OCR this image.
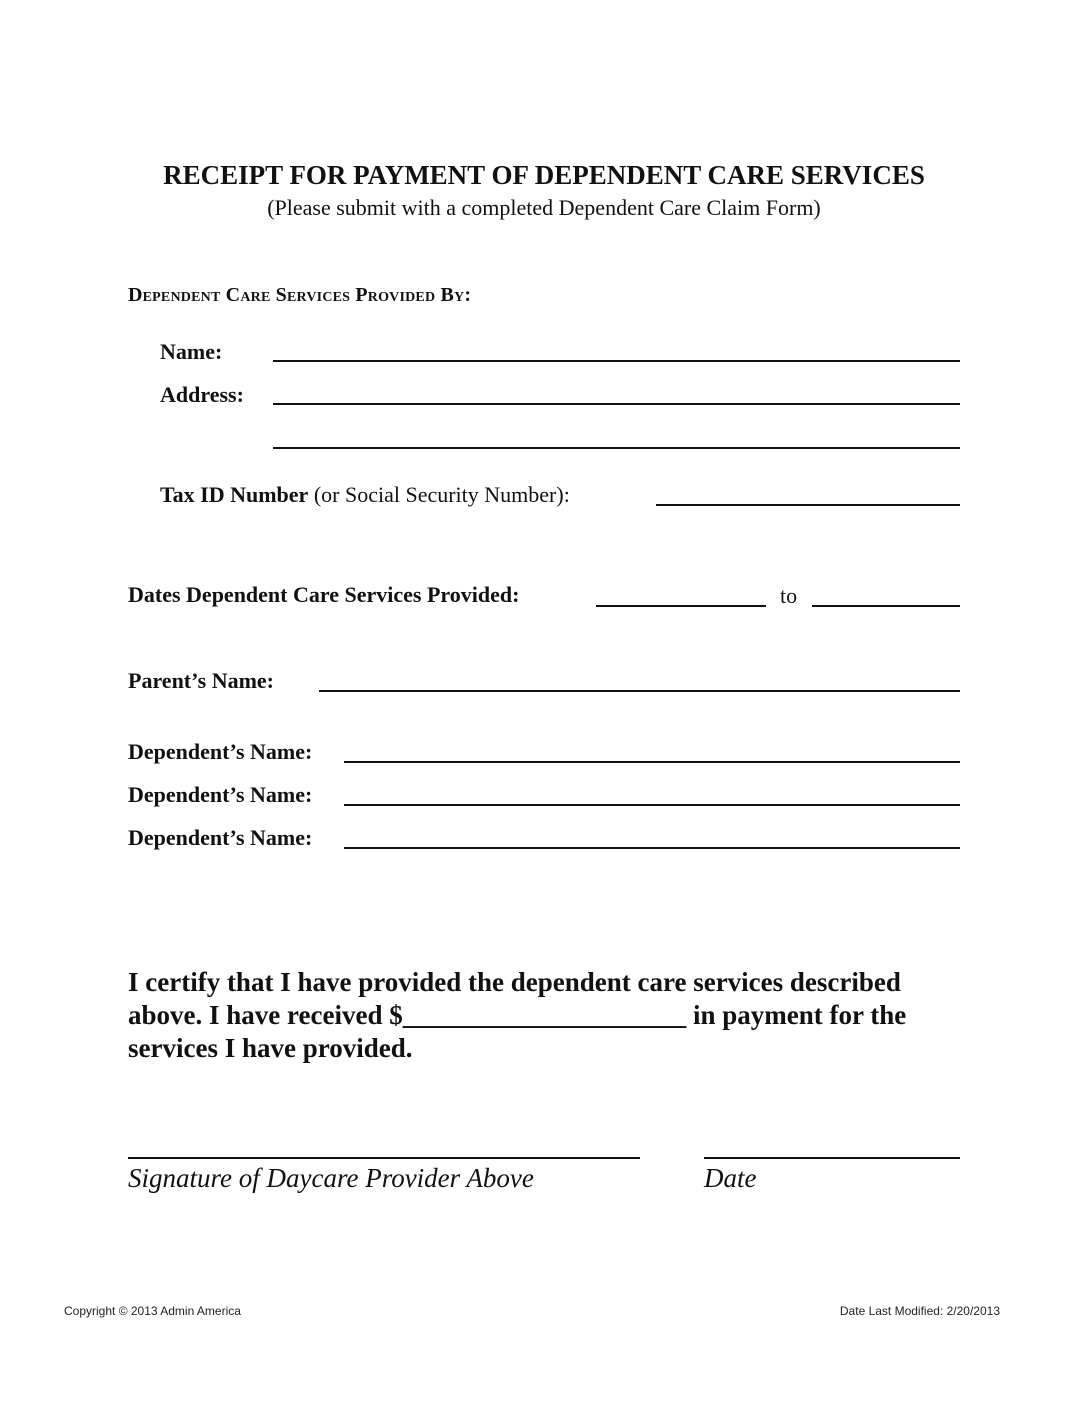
RECEIPT FOR PAYMENT OF DEPENDENT CARE SERVICES
(Please submit with a completed Dependent Care Claim Form)
Dependent Care Services Provided By:
Name:
Address:
Tax ID Number (or Social Security Number):
Dates Dependent Care Services Provided:	to
Parent’s Name:
Dependent’s Name:
Dependent’s Name:
Dependent’s Name:
I certify that I have provided the dependent care services described above. I have received $_____________________ in payment for the services I have provided.
Signature of Daycare Provider Above	Date
Copyright © 2013 Admin America	Date Last Modified: 2/20/2013
